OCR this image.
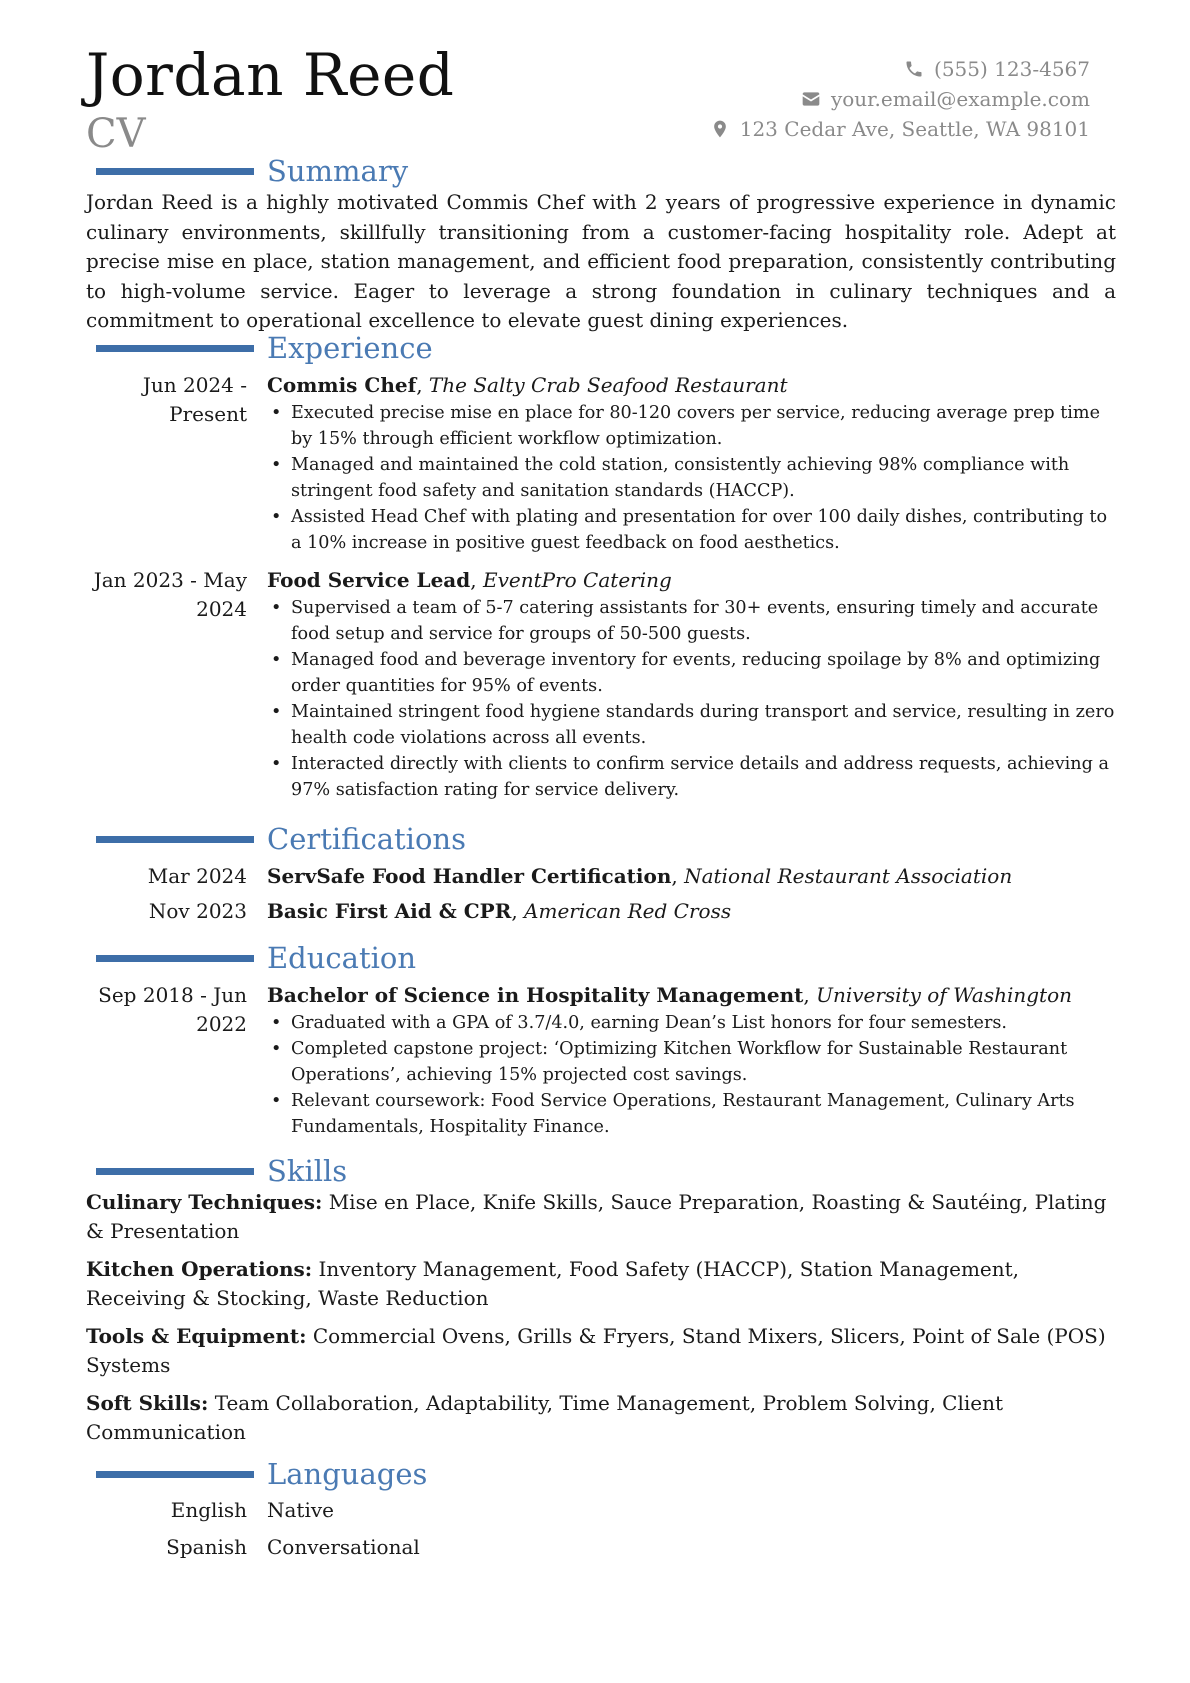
Jordan Reed
CV
(555) 123-4567
your.email@example.com
123 Cedar Ave, Seattle, WA 98101
Summary

Jordan Reed is a highly motivated Commis Chef with 2 years of progressive experience in dynamic culinary environments, skillfully transitioning from a customer-facing hospitality role. Adept at precise mise en place, station management, and efficient food preparation, consistently contributing to high-volume service. Eager to leverage a strong foundation in culinary techniques and a commitment to operational excellence to elevate guest dining experiences.

Experience
Jun 2024 - Present
Commis Chef, The Salty Crab Seafood Restaurant
• Executed precise mise en place for 80-120 covers per service, reducing average prep time by 15% through efficient workflow optimization.
• Managed and maintained the cold station, consistently achieving 98% compliance with stringent food safety and sanitation standards (HACCP).
• Assisted Head Chef with plating and presentation for over 100 daily dishes, contributing to a 10% increase in positive guest feedback on food aesthetics.
Jan 2023 - May 2024
Food Service Lead, EventPro Catering
• Supervised a team of 5-7 catering assistants for 30+ events, ensuring timely and accurate food setup and service for groups of 50-500 guests.
• Managed food and beverage inventory for events, reducing spoilage by 8% and optimizing order quantities for 95% of events.
• Maintained stringent food hygiene standards during transport and service, resulting in zero health code violations across all events.
• Interacted directly with clients to confirm service details and address requests, achieving a 97% satisfaction rating for service delivery.
Certifications
Mar 2024	ServSafe Food Handler Certification, National Restaurant Association
Nov 2023	Basic First Aid & CPR, American Red Cross
Education
Sep 2018 - Jun 2022
Bachelor of Science in Hospitality Management, University of Washington
• Graduated with a GPA of 3.7/4.0, earning Dean’s List honors for four semesters.
• Completed capstone project: ‘Optimizing Kitchen Workflow for Sustainable Restaurant Operations’, achieving 15% projected cost savings.
• Relevant coursework: Food Service Operations, Restaurant Management, Culinary Arts Fundamentals, Hospitality Finance.
Skills
Culinary Techniques: Mise en Place, Knife Skills, Sauce Preparation, Roasting & Sautéing, Plating & Presentation
Kitchen Operations: Inventory Management, Food Safety (HACCP), Station Management, Receiving & Stocking, Waste Reduction
Tools & Equipment: Commercial Ovens, Grills & Fryers, Stand Mixers, Slicers, Point of Sale (POS) Systems
Soft Skills: Team Collaboration, Adaptability, Time Management, Problem Solving, Client Communication
Languages
English	Native
Spanish	Conversational
